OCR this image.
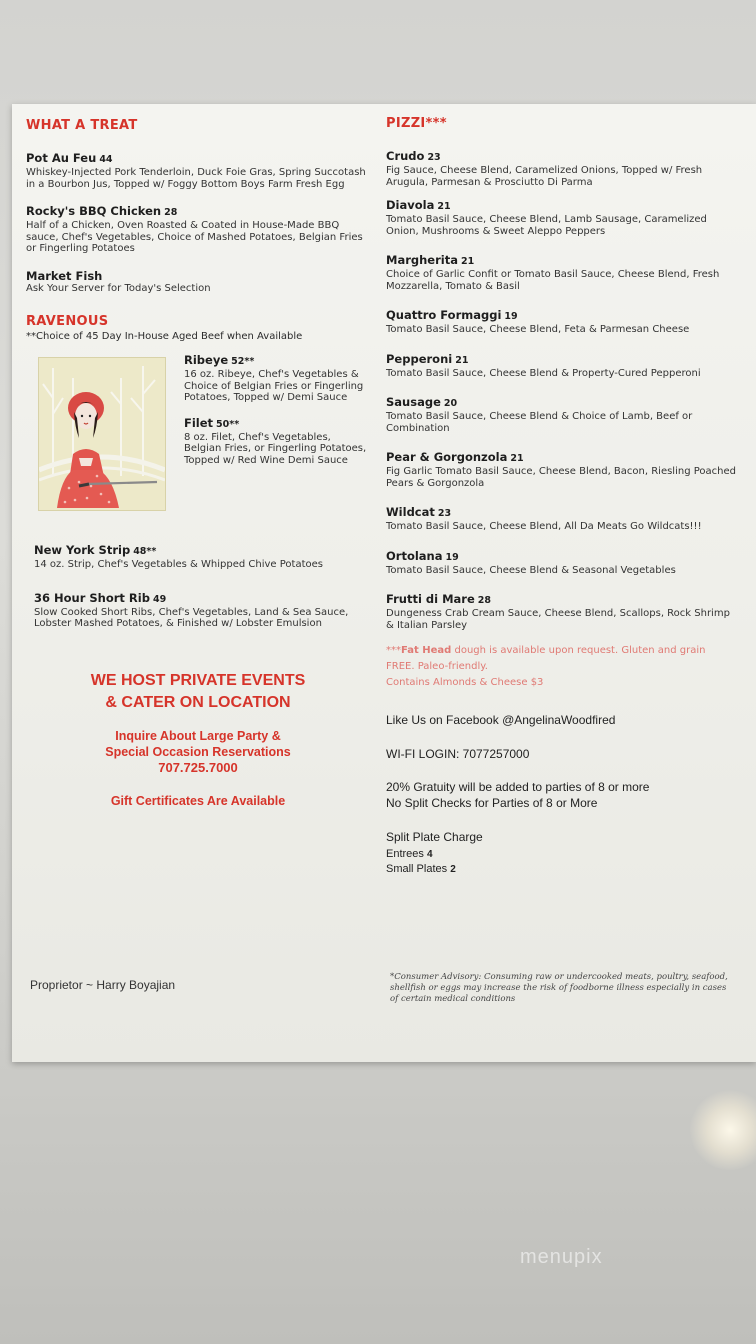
WHAT A TREAT
Pot Au Feu 44
Whiskey-Injected Pork Tenderloin, Duck Foie Gras, Spring Succotash in a Bourbon Jus, Topped w/ Foggy Bottom Boys Farm Fresh Egg
Rocky's BBQ Chicken 28
Half of a Chicken, Oven Roasted & Coated in House-Made BBQ sauce, Chef's Vegetables, Choice of Mashed Potatoes, Belgian Fries or Fingerling Potatoes
Market Fish
Ask Your Server for Today's Selection
RAVENOUS
**Choice of 45 Day In-House Aged Beef when Available
Ribeye 52**
16 oz. Ribeye, Chef's Vegetables & Choice of Belgian Fries or Fingerling Potatoes, Topped w/ Demi Sauce
Filet 50**
8 oz. Filet, Chef's Vegetables, Belgian Fries, or Fingerling Potatoes, Topped w/ Red Wine Demi Sauce
New York Strip 48**
14 oz. Strip, Chef's Vegetables & Whipped Chive Potatoes
36 Hour Short Rib 49
Slow Cooked Short Ribs, Chef's Vegetables, Land & Sea Sauce, Lobster Mashed Potatoes, & Finished w/ Lobster Emulsion
WE HOST PRIVATE EVENTS
& CATER ON LOCATION
Inquire About Large Party &
Special Occasion Reservations
707.725.7000
Gift Certificates Are Available
Proprietor ~ Harry Boyajian
PIZZI***
Crudo 23
Fig Sauce, Cheese Blend, Caramelized Onions, Topped w/ Fresh Arugula, Parmesan & Prosciutto Di Parma
Diavola 21
Tomato Basil Sauce, Cheese Blend, Lamb Sausage, Caramelized Onion, Mushrooms & Sweet Aleppo Peppers
Margherita 21
Choice of Garlic Confit or Tomato Basil Sauce, Cheese Blend, Fresh Mozzarella, Tomato & Basil
Quattro Formaggi 19
Tomato Basil Sauce, Cheese Blend, Feta & Parmesan Cheese
Pepperoni 21
Tomato Basil Sauce, Cheese Blend & Property-Cured Pepperoni
Sausage 20
Tomato Basil Sauce, Cheese Blend & Choice of Lamb, Beef or Combination
Pear & Gorgonzola 21
Fig Garlic Tomato Basil Sauce, Cheese Blend, Bacon, Riesling Poached Pears & Gorgonzola
Wildcat 23
Tomato Basil Sauce, Cheese Blend, All Da Meats Go Wildcats!!!
Ortolana 19
Tomato Basil Sauce, Cheese Blend & Seasonal Vegetables
Frutti di Mare 28
Dungeness Crab Cream Sauce, Cheese Blend, Scallops, Rock Shrimp & Italian Parsley
***Fat Head dough is available upon request. Gluten and grain FREE. Paleo-friendly.
Contains Almonds & Cheese $3
Like Us on Facebook @AngelinaWoodfired
WI-FI LOGIN: 7077257000
20% Gratuity will be added to parties of 8 or more
No Split Checks for Parties of 8 or More
Split Plate Charge
Entrees 4
Small Plates 2
*Consumer Advisory: Consuming raw or undercooked meats, poultry, seafood, shellfish or eggs may increase the risk of foodborne illness especially in cases of certain medical conditions
menupix
